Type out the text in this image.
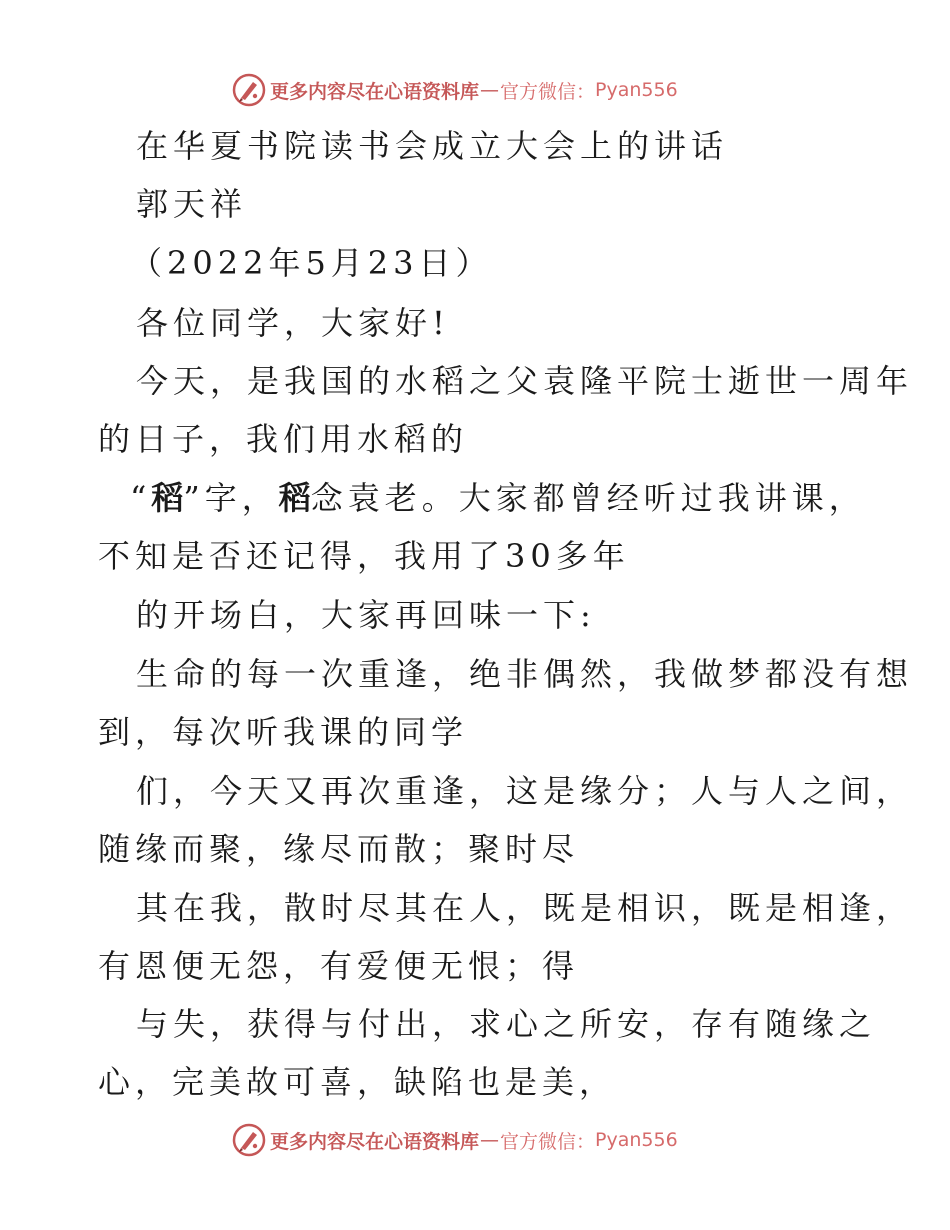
更多内容尽在心语资料库 — 官方微信： Pyan556
在华夏书院读书会成立大会上的讲话
郭天祥
（2022年5月23日）
各位同学，大家好!
今天，是我国的水稻之父袁隆平院士逝世一周年
的日子，我们用水稻的
“稻”字，稻念袁老。大家都曾经听过我讲课，
不知是否还记得，我用了30多年
的开场白，大家再回味一下:
生命的每一次重逢，绝非偶然，我做梦都没有想
到，每次听我课的同学
们，今天又再次重逢，这是缘分；人与人之间，
随缘而聚，缘尽而散；聚时尽
其在我，散时尽其在人，既是相识，既是相逢，
有恩便无怨，有爱便无恨；得
与失，获得与付出，求心之所安，存有随缘之
心，完美故可喜，缺陷也是美，
更多内容尽在心语资料库 — 官方微信： Pyan556
